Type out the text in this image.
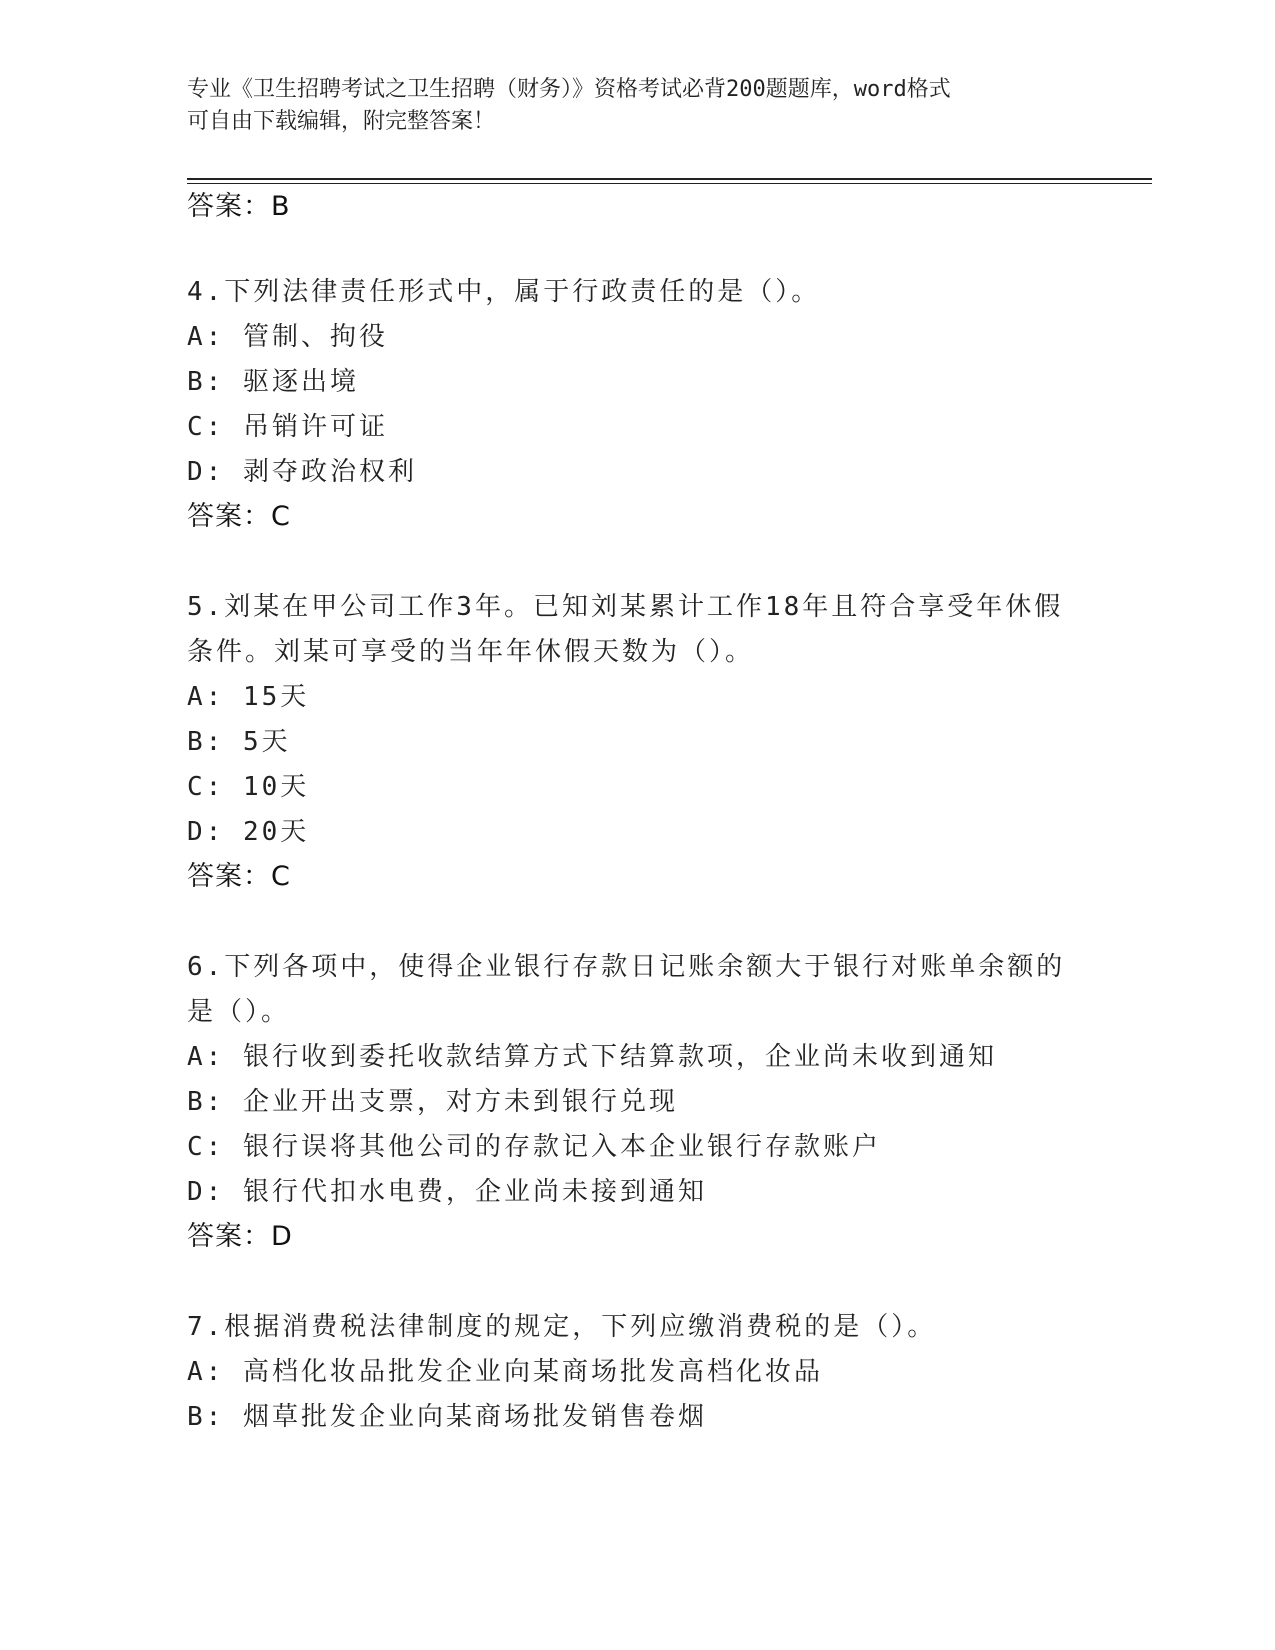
专业《卫生招聘考试之卫生招聘（财务）》资格考试必背200题题库，word格式
可自由下载编辑，附完整答案！
答案：B
4.下列法律责任形式中，属于行政责任的是（）。
A: 管制、拘役
B: 驱逐出境
C: 吊销许可证
D: 剥夺政治权利
答案：C
5.刘某在甲公司工作3年。已知刘某累计工作18年且符合享受年休假
条件。刘某可享受的当年年休假天数为（）。
A: 15天
B: 5天
C: 10天
D: 20天
答案：C
6.下列各项中，使得企业银行存款日记账余额大于银行对账单余额的
是（）。
A: 银行收到委托收款结算方式下结算款项，企业尚未收到通知
B: 企业开出支票，对方未到银行兑现
C: 银行误将其他公司的存款记入本企业银行存款账户
D: 银行代扣水电费，企业尚未接到通知
答案：D
7.根据消费税法律制度的规定，下列应缴消费税的是（）。
A: 高档化妆品批发企业向某商场批发高档化妆品
B: 烟草批发企业向某商场批发销售卷烟
